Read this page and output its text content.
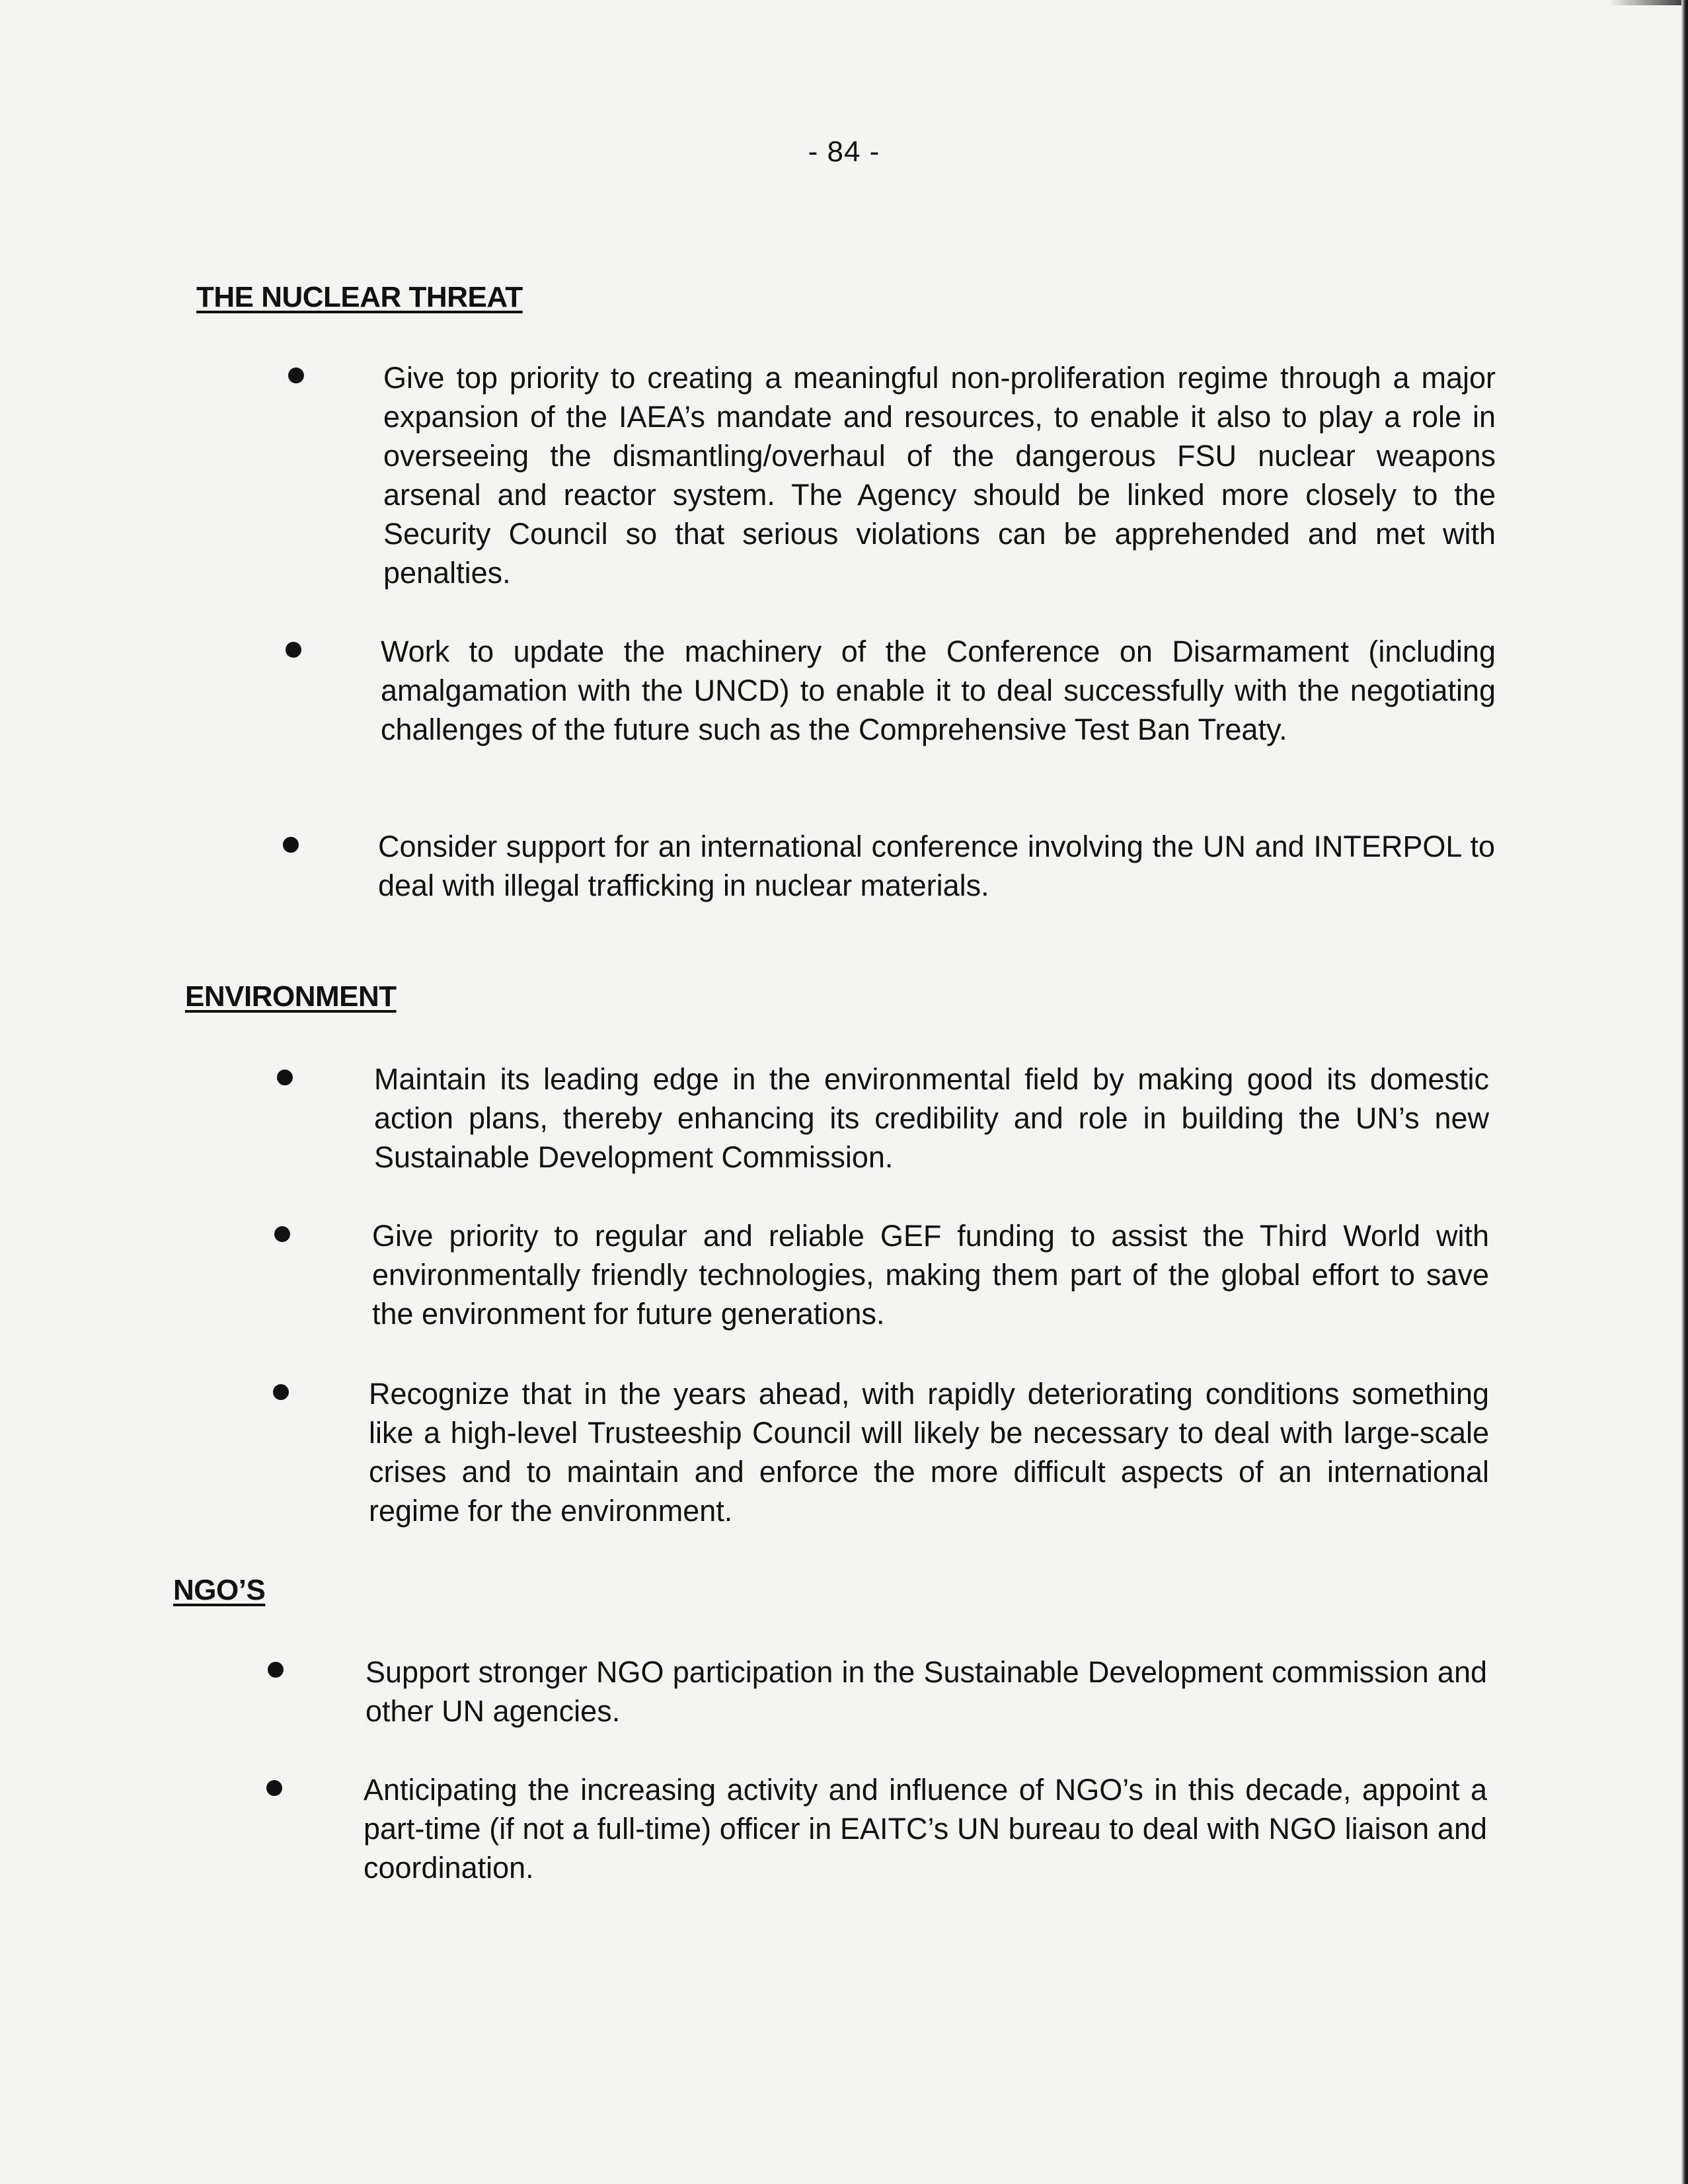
- 84 -
THE NUCLEAR THREAT
Give top priority to creating a meaningful non-proliferation regime through a major expansion of the IAEA’s mandate and resources, to enable it also to play a role in overseeing the dismantling/overhaul of the dangerous FSU nuclear weapons arsenal and reactor system. The Agency should be linked more closely to the Security Council so that serious violations can be apprehended and met with penalties.
Work to update the machinery of the Conference on Disarmament (including amalgamation with the UNCD) to enable it to deal successfully with the negotiating challenges of the future such as the Comprehensive Test Ban Treaty.
Consider support for an international conference involving the UN and INTERPOL to deal with illegal trafficking in nuclear materials.
ENVIRONMENT
Maintain its leading edge in the environmental field by making good its domestic action plans, thereby enhancing its credibility and role in building the UN’s new Sustainable Development Commission.
Give priority to regular and reliable GEF funding to assist the Third World with environmentally friendly technologies, making them part of the global effort to save the environment for future generations.
Recognize that in the years ahead, with rapidly deteriorating conditions something like a high-level Trusteeship Council will likely be necessary to deal with large-scale crises and to maintain and enforce the more difficult aspects of an international regime for the environment.
NGO’S
Support stronger NGO participation in the Sustainable Development commission and other UN agencies.
Anticipating the increasing activity and influence of NGO’s in this decade, appoint a part-time (if not a full-time) officer in EAITC’s UN bureau to deal with NGO liaison and coordination.
